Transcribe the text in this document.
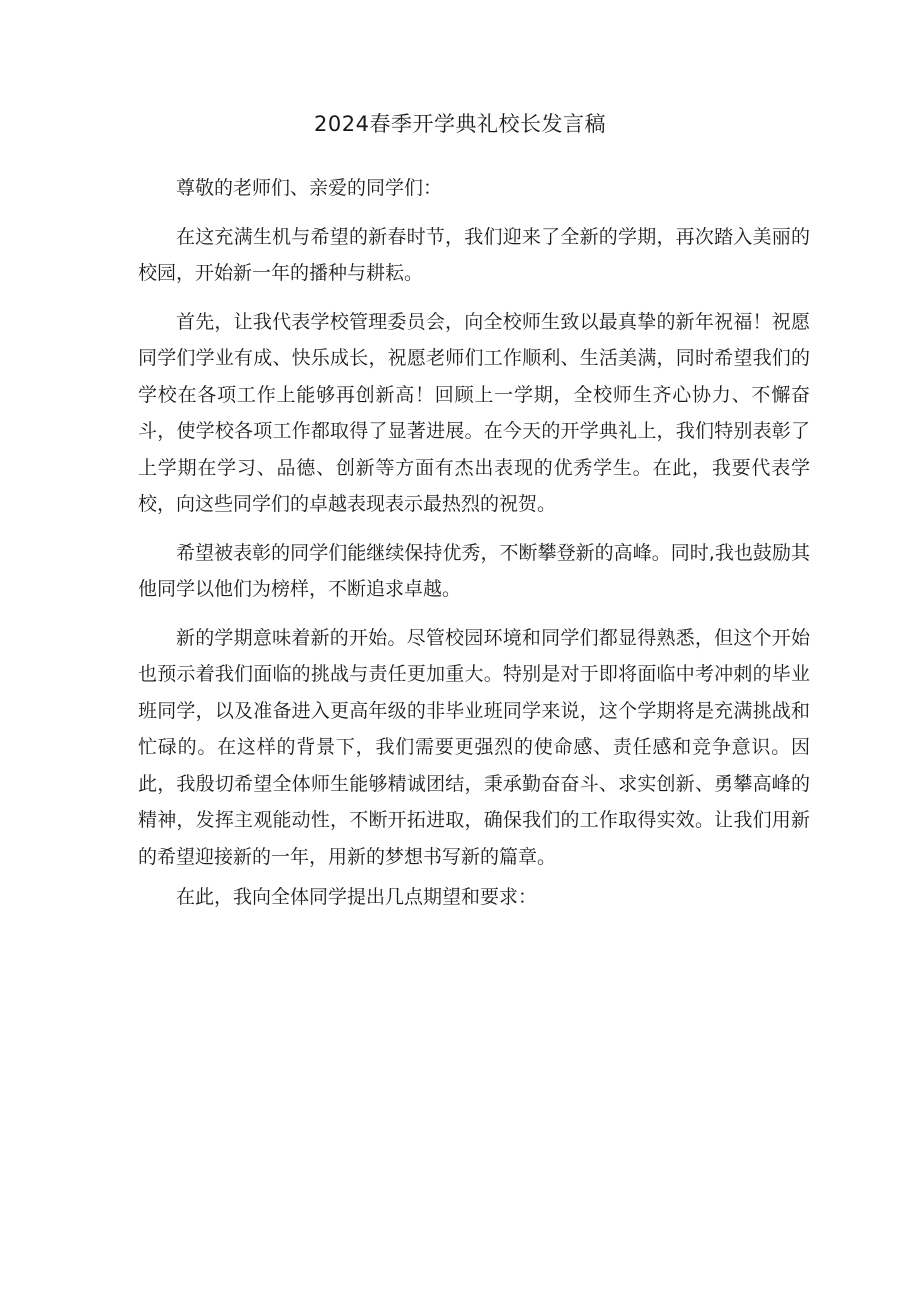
2024春季开学典礼校长发言稿

尊敬的老师们、亲爱的同学们：

在这充满生机与希望的新春时节，我们迎来了全新的学期，再次踏入美丽的校园，开始新一年的播种与耕耘。

首先，让我代表学校管理委员会，向全校师生致以最真挚的新年祝福！祝愿同学们学业有成、快乐成长，祝愿老师们工作顺利、生活美满，同时希望我们的学校在各项工作上能够再创新高！回顾上一学期，全校师生齐心协力、不懈奋斗，使学校各项工作都取得了显著进展。在今天的开学典礼上，我们特别表彰了上学期在学习、品德、创新等方面有杰出表现的优秀学生。在此，我要代表学校，向这些同学们的卓越表现表示最热烈的祝贺。

希望被表彰的同学们能继续保持优秀，不断攀登新的高峰。同时,我也鼓励其他同学以他们为榜样，不断追求卓越。

新的学期意味着新的开始。尽管校园环境和同学们都显得熟悉，但这个开始也预示着我们面临的挑战与责任更加重大。特别是对于即将面临中考冲刺的毕业班同学，以及准备进入更高年级的非毕业班同学来说，这个学期将是充满挑战和忙碌的。在这样的背景下，我们需要更强烈的使命感、责任感和竞争意识。因此，我殷切希望全体师生能够精诚团结，秉承勤奋奋斗、求实创新、勇攀高峰的精神，发挥主观能动性，不断开拓进取，确保我们的工作取得实效。让我们用新的希望迎接新的一年，用新的梦想书写新的篇章。

在此，我向全体同学提出几点期望和要求：
